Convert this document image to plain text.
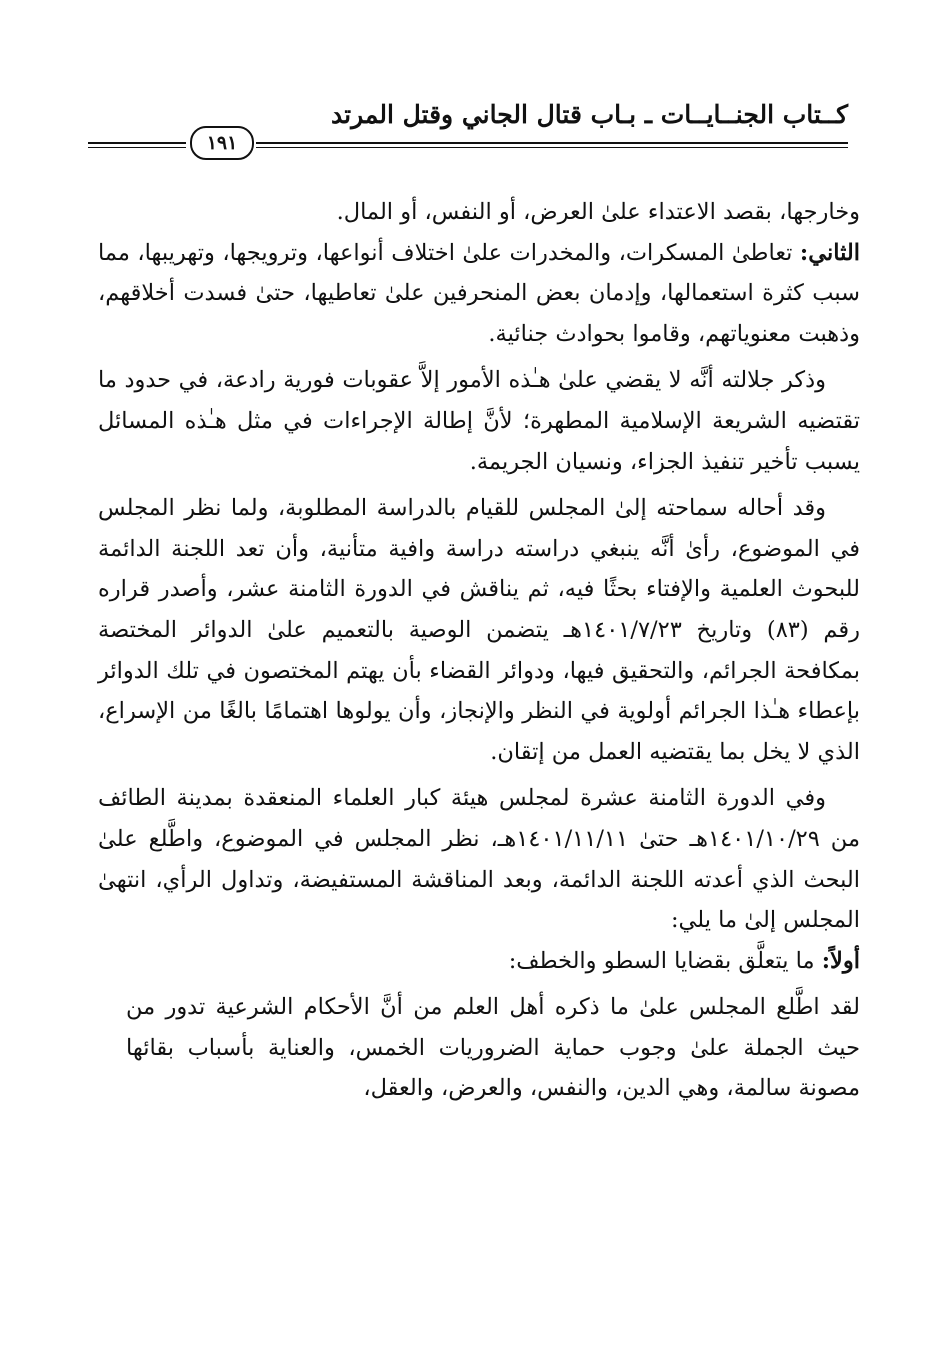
كــتاب الجنــايــات ـ بـاب قتال الجاني وقتل المرتد
١٩١

وخارجها، بقصد الاعتداء علىٰ العرض، أو النفس، أو المال.

الثاني: تعاطىٰ المسكرات، والمخدرات علىٰ اختلاف أنواعها، وترويجها، وتهريبها، مما سبب كثرة استعمالها، وإدمان بعض المنحرفين علىٰ تعاطيها، حتىٰ فسدت أخلاقهم، وذهبت معنوياتهم، وقاموا بحوادث جنائية.

وذكر جلالته أنَّه لا يقضي علىٰ هـٰذه الأمور إلاَّ عقوبات فورية رادعة، في حدود ما تقتضيه الشريعة الإسلامية المطهرة؛ لأنَّ إطالة الإجراءات في مثل هـٰذه المسائل يسبب تأخير تنفيذ الجزاء، ونسيان الجريمة.

وقد أحاله سماحته إلىٰ المجلس للقيام بالدراسة المطلوبة، ولما نظر المجلس في الموضوع، رأىٰ أنَّه ينبغي دراسته دراسة وافية متأنية، وأن تعد اللجنة الدائمة للبحوث العلمية والإفتاء بحثًا فيه، ثم يناقش في الدورة الثامنة عشر، وأصدر قراره رقم (٨٣) وتاريخ ١٤٠١/٧/٢٣هـ يتضمن الوصية بالتعميم علىٰ الدوائر المختصة بمكافحة الجرائم، والتحقيق فيها، ودوائر القضاء بأن يهتم المختصون في تلك الدوائر بإعطاء هـٰذا الجرائم أولوية في النظر والإنجاز، وأن يولوها اهتمامًا بالغًا من الإسراع، الذي لا يخل بما يقتضيه العمل من إتقان.

وفي الدورة الثامنة عشرة لمجلس هيئة كبار العلماء المنعقدة بمدينة الطائف من ١٤٠١/١٠/٢٩هـ حتىٰ ١٤٠١/١١/١١هـ، نظر المجلس في الموضوع، واطَّلع علىٰ البحث الذي أعدته اللجنة الدائمة، وبعد المناقشة المستفيضة، وتداول الرأي، انتهىٰ المجلس إلىٰ ما يلي:

أولاً: ما يتعلَّق بقضايا السطو والخطف:

لقد اطَّلع المجلس علىٰ ما ذكره أهل العلم من أنَّ الأحكام الشرعية تدور من حيث الجملة علىٰ وجوب حماية الضروريات الخمس، والعناية بأسباب بقائها مصونة سالمة، وهي الدين، والنفس، والعرض، والعقل،
